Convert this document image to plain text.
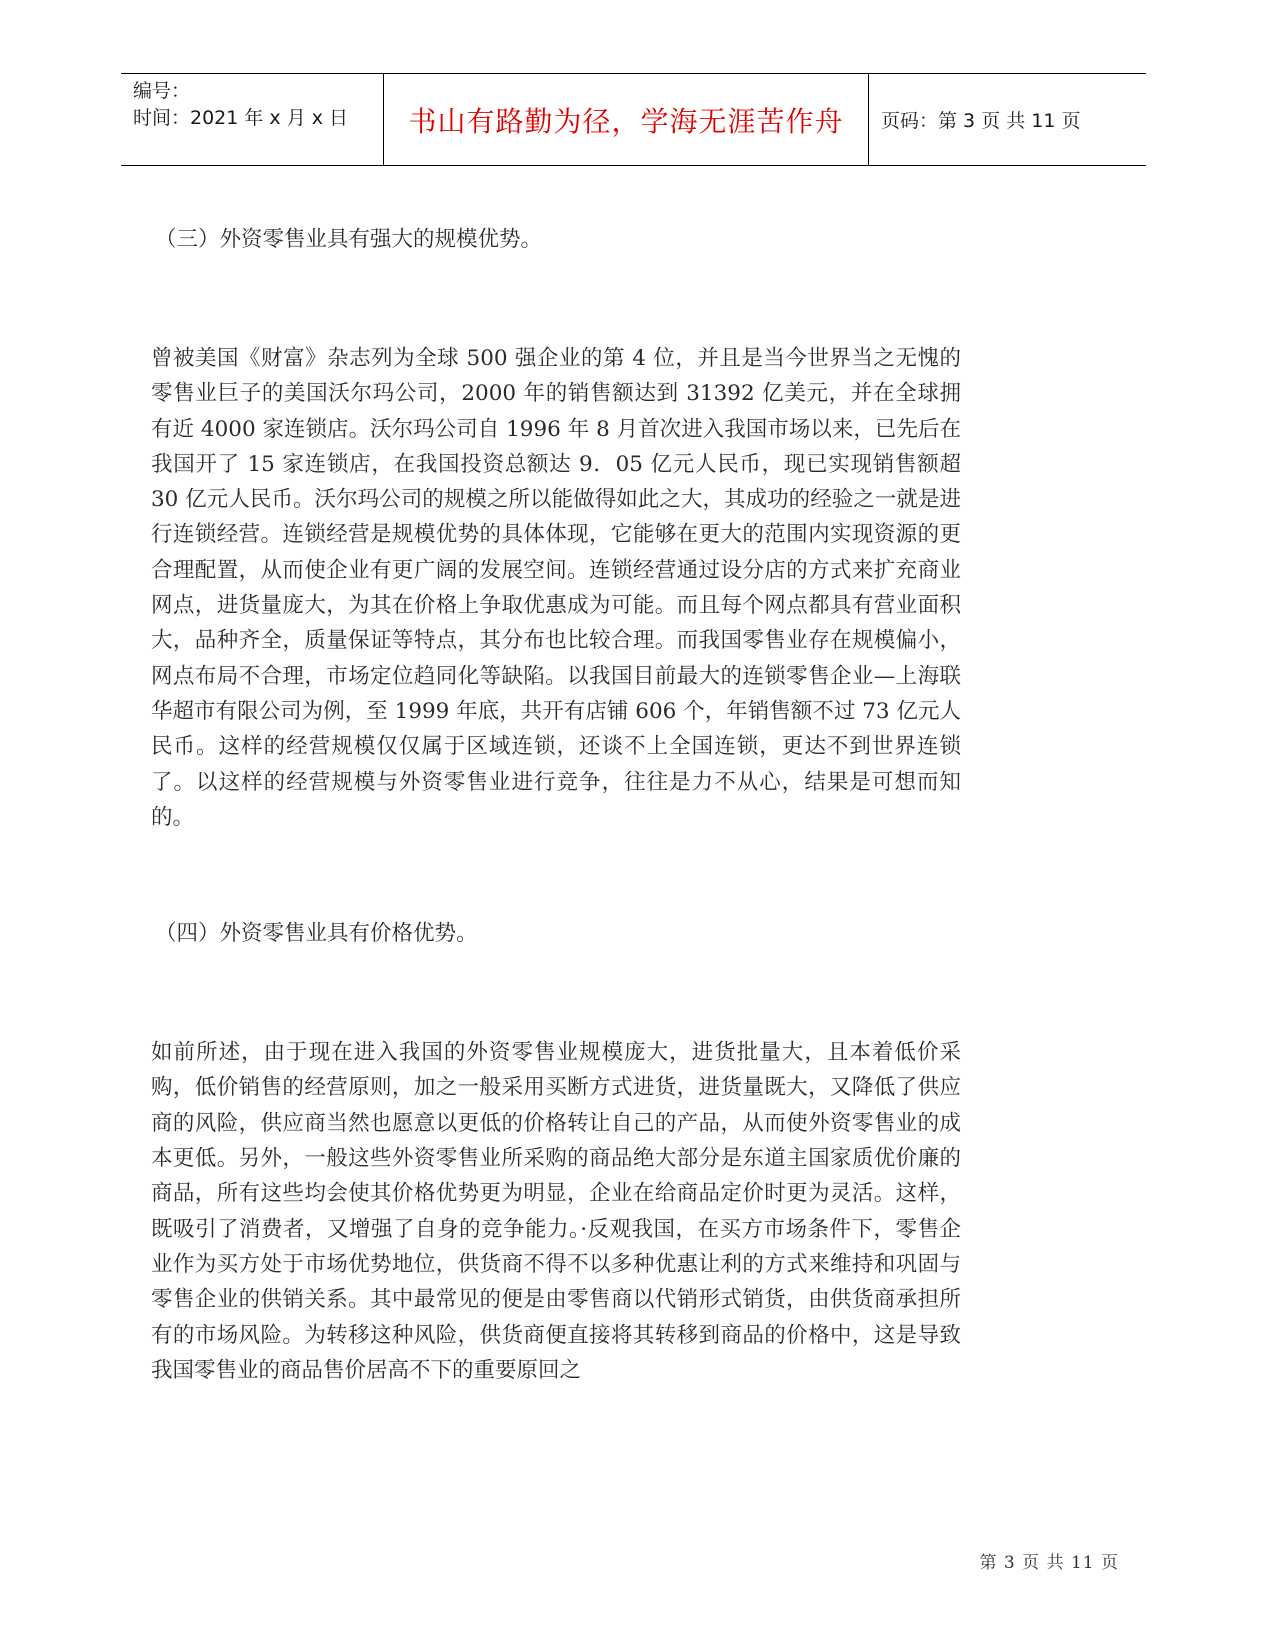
编号：
时间：2021 年 x 月 x 日	书山有路勤为径，学海无涯苦作舟	页码：第 3 页 共 11 页

（三）外资零售业具有强大的规模优势。

曾被美国《财富》杂志列为全球 500 强企业的第 4 位，并且是当今世界当之无愧的零售业巨子的美国沃尔玛公司，2000 年的销售额达到 31392 亿美元，并在全球拥有近 4000 家连锁店。沃尔玛公司自 1996 年 8 月首次进入我国市场以来，已先后在我国开了 15 家连锁店，在我国投资总额达 9．05 亿元人民币，现已实现销售额超 30 亿元人民币。沃尔玛公司的规模之所以能做得如此之大，其成功的经验之一就是进行连锁经营。连锁经营是规模优势的具体体现，它能够在更大的范围内实现资源的更合理配置，从而使企业有更广阔的发展空间。连锁经营通过设分店的方式来扩充商业网点，进货量庞大，为其在价格上争取优惠成为可能。而且每个网点都具有营业面积大，品种齐全，质量保证等特点，其分布也比较合理。而我国零售业存在规模偏小，网点布局不合理，市场定位趋同化等缺陷。以我国目前最大的连锁零售企业—上海联华超市有限公司为例，至 1999 年底，共开有店铺 606 个，年销售额不过 73 亿元人民币。这样的经营规模仅仅属于区域连锁，还谈不上全国连锁，更达不到世界连锁了。以这样的经营规模与外资零售业进行竞争，往往是力不从心，结果是可想而知的。

（四）外资零售业具有价格优势。

如前所述，由于现在进入我国的外资零售业规模庞大，进货批量大，且本着低价采购，低价销售的经营原则，加之一般采用买断方式进货，进货量既大，又降低了供应商的风险，供应商当然也愿意以更低的价格转让自己的产品，从而使外资零售业的成本更低。另外，一般这些外资零售业所采购的商品绝大部分是东道主国家质优价廉的商品，所有这些均会使其价格优势更为明显，企业在给商品定价时更为灵活。这样，既吸引了消费者，又增强了自身的竞争能力。·反观我国，在买方市场条件下，零售企业作为买方处于市场优势地位，供货商不得不以多种优惠让利的方式来维持和巩固与零售企业的供销关系。其中最常见的便是由零售商以代销形式销货，由供货商承担所有的市场风险。为转移这种风险，供货商便直接将其转移到商品的价格中，这是导致我国零售业的商品售价居高不下的重要原回之

第 3 页 共 11 页
